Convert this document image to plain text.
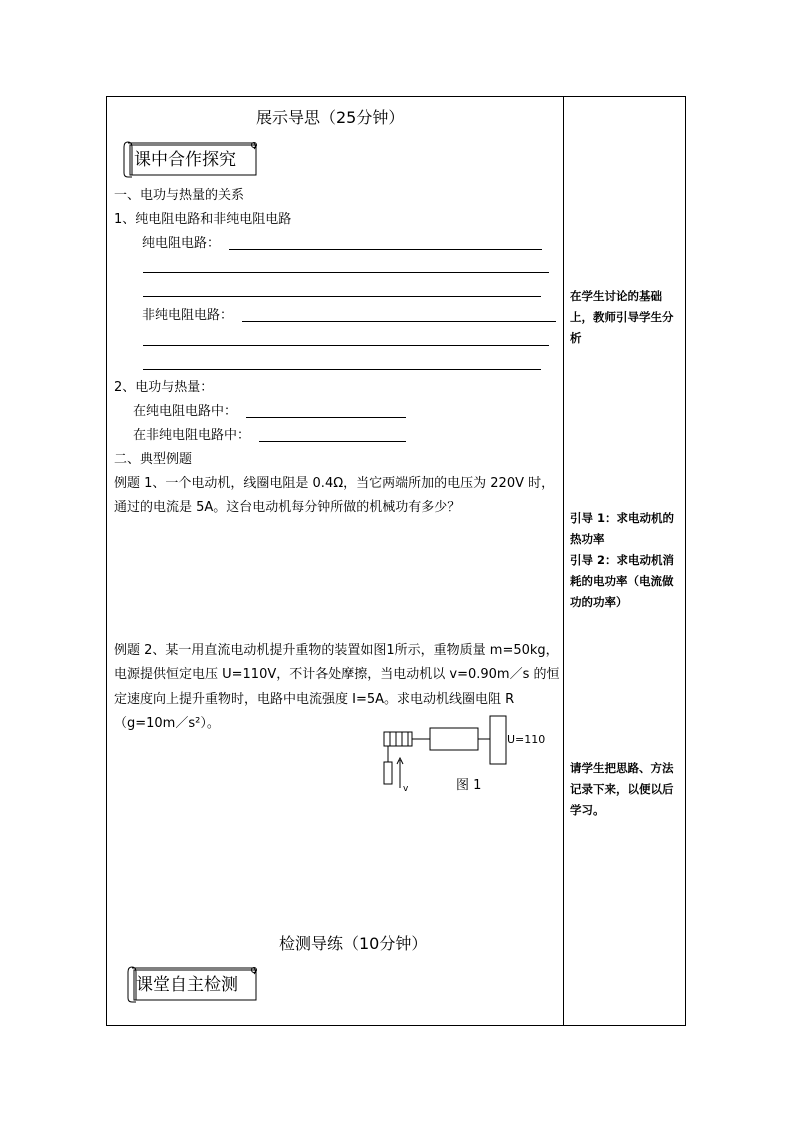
展示导思（25分钟）
课中合作探究
一、电功与热量的关系
1、纯电阻电路和非纯电阻电路
纯电阻电路：
非纯电阻电路：
2、电功与热量：
在纯电阻电路中：
在非纯电阻电路中：
二、典型例题
例题 1、一个电动机，线圈电阻是 0.4Ω，当它两端所加的电压为 220V 时，
通过的电流是 5A。这台电动机每分钟所做的机械功有多少？
例题 2、某一用直流电动机提升重物的装置如图1所示，重物质量 m=50kg，
电源提供恒定电压 U=110V，不计各处摩擦，当电动机以 v=0.90m／s 的恒
定速度向上提升重物时，电路中电流强度 I=5A。求电动机线圈电阻 R
（g=10m／s²）。
U=110
v	图 1
检测导练（10分钟）
课堂自主检测
在学生讨论的基础上，教师引导学生分析
引导 1：求电动机的热功率
引导 2：求电动机消耗的电功率（电流做功的功率）
请学生把思路、方法记录下来，以便以后学习。
